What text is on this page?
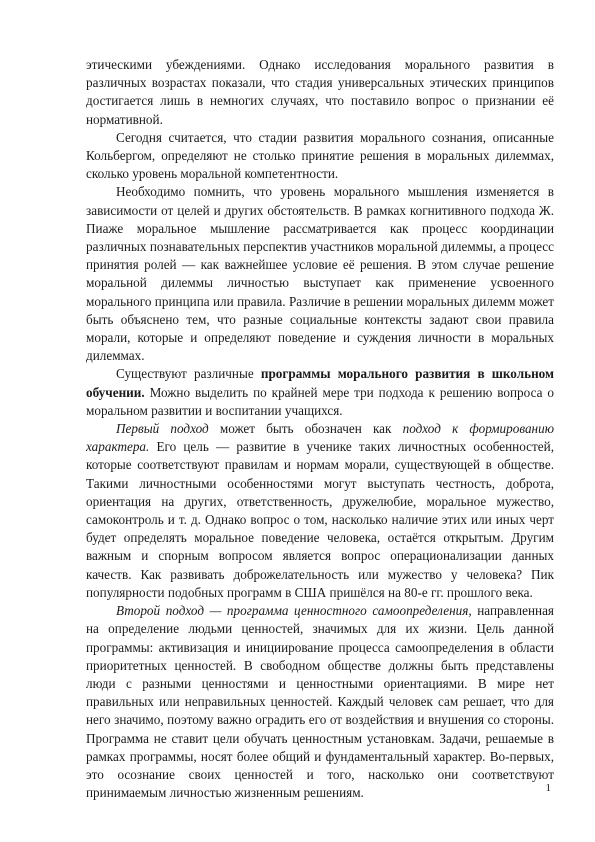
этическими убеждениями. Однако исследования морального развития в различных возрастах показали, что стадия универсальных этических принципов достигается лишь в немногих случаях, что поставило вопрос о признании её нормативной.

Сегодня считается, что стадии развития морального сознания, описанные Кольбергом, определяют не столько принятие решения в моральных дилеммах, сколько уровень моральной компетентности.

Необходимо помнить, что уровень морального мышления изменяется в зависимости от целей и других обстоятельств. В рамках когнитивного подхода Ж. Пиаже моральное мышление рассматривается как процесс координации различных познавательных перспектив участников моральной дилеммы, а процесс принятия ролей — как важнейшее условие её решения. В этом случае решение моральной дилеммы личностью выступает как применение усвоенного морального принципа или правила. Различие в решении моральных дилемм может быть объяснено тем, что разные социальные контексты задают свои правила морали, которые и определяют поведение и суждения личности в моральных дилеммах.

Существуют различные программы морального развития в школьном обучении. Можно выделить по крайней мере три подхода к решению вопроса о моральном развитии и воспитании учащихся.

Первый подход может быть обозначен как подход к формированию характера. Его цель — развитие в ученике таких личностных особенностей, которые соответствуют правилам и нормам морали, существующей в обществе. Такими личностными особенностями могут выступать честность, доброта, ориентация на других, ответственность, дружелюбие, моральное мужество, самоконтроль и т. д. Однако вопрос о том, насколько наличие этих или иных черт будет определять моральное поведение человека, остаётся открытым. Другим важным и спорным вопросом является вопрос операционализации данных качеств. Как развивать доброжелательность или мужество у человека? Пик популярности подобных программ в США пришёлся на 80-е гг. прошлого века.

Второй подход — программа ценностного самоопределения, направленная на определение людьми ценностей, значимых для их жизни. Цель данной программы: активизация и инициирование процесса самоопределения в области приоритетных ценностей. В свободном обществе должны быть представлены люди с разными ценностями и ценностными ориентациями. В мире нет правильных или неправильных ценностей. Каждый человек сам решает, что для него значимо, поэтому важно оградить его от воздействия и внушения со стороны. Программа не ставит цели обучать ценностным установкам. Задачи, решаемые в рамках программы, носят более общий и фундаментальный характер. Во-первых, это осознание своих ценностей и того, насколько они соответствуют принимаемым личностью жизненным решениям.	1
